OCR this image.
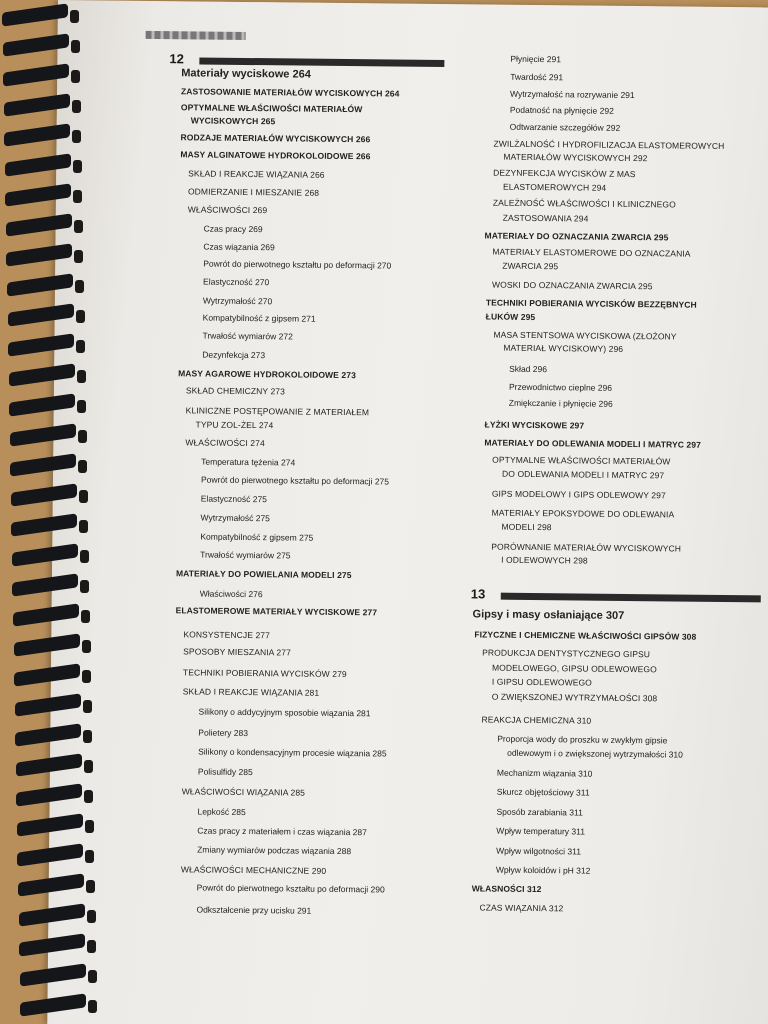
12
Materiały wyciskowe 264
ZASTOSOWANIE MATERIAŁÓW WYCISKOWYCH 264
OPTYMALNE WŁAŚCIWOŚCI MATERIAŁÓW
WYCISKOWYCH 265
RODZAJE MATERIAŁÓW WYCISKOWYCH 266
MASY ALGINATOWE HYDROKOLOIDOWE 266
SKŁAD I REAKCJE WIĄZANIA 266
ODMIERZANIE I MIESZANIE 268
WŁAŚCIWOŚCI 269
Czas pracy 269
Czas wiązania 269
Powrót do pierwotnego kształtu po deformacji 270
Elastyczność 270
Wytrzymałość 270
Kompatybilność z gipsem 271
Trwałość wymiarów 272
Dezynfekcja 273
MASY AGAROWE HYDROKOLOIDOWE 273
SKŁAD CHEMICZNY 273
KLINICZNE POSTĘPOWANIE Z MATERIAŁEM
TYPU ZOL-ŻEL 274
WŁAŚCIWOŚCI 274
Temperatura tężenia 274
Powrót do pierwotnego kształtu po deformacji 275
Elastyczność 275
Wytrzymałość 275
Kompatybilność z gipsem 275
Trwałość wymiarów 275
MATERIAŁY DO POWIELANIA MODELI 275
Właściwości 276
ELASTOMEROWE MATERIAŁY WYCISKOWE 277
KONSYSTENCJE 277
SPOSOBY MIESZANIA 277
TECHNIKI POBIERANIA WYCISKÓW 279
SKŁAD I REAKCJE WIĄZANIA 281
Silikony o addycyjnym sposobie wiązania 281
Polietery 283
Silikony o kondensacyjnym procesie wiązania 285
Polisulfidy 285
WŁAŚCIWOŚCI WIĄZANIA 285
Lepkość 285
Czas pracy z materiałem i czas wiązania 287
Zmiany wymiarów podczas wiązania 288
WŁAŚCIWOŚCI MECHANICZNE 290
Powrót do pierwotnego kształtu po deformacji 290
Odkształcenie przy ucisku 291
13
Płynięcie 291
Twardość 291
Wytrzymałość na rozrywanie 291
Podatność na płynięcie 292
Odtwarzanie szczegółów 292
ZWILŻALNOŚĆ I HYDROFILIZACJA ELASTOMEROWYCH
MATERIAŁÓW WYCISKOWYCH 292
DEZYNFEKCJA WYCISKÓW Z MAS
ELASTOMEROWYCH 294
ZALEŻNOŚĆ WŁAŚCIWOŚCI I KLINICZNEGO
ZASTOSOWANIA 294
MATERIAŁY DO OZNACZANIA ZWARCIA 295
MATERIAŁY ELASTOMEROWE DO OZNACZANIA
ZWARCIA 295
WOSKI DO OZNACZANIA ZWARCIA 295
TECHNIKI POBIERANIA WYCISKÓW BEZZĘBNYCH
ŁUKÓW 295
MASA STENTSOWA WYCISKOWA (ZŁOŻONY
MATERIAŁ WYCISKOWY) 296
Skład 296
Przewodnictwo cieplne 296
Zmiękczanie i płynięcie 296
ŁYŻKI WYCISKOWE 297
MATERIAŁY DO ODLEWANIA MODELI I MATRYC 297
OPTYMALNE WŁAŚCIWOŚCI MATERIAŁÓW
DO ODLEWANIA MODELI I MATRYC 297
GIPS MODELOWY I GIPS ODLEWOWY 297
MATERIAŁY EPOKSYDOWE DO ODLEWANIA
MODELI 298
PORÓWNANIE MATERIAŁÓW WYCISKOWYCH
I ODLEWOWYCH 298
Gipsy i masy osłaniające 307
FIZYCZNE I CHEMICZNE WŁAŚCIWOŚCI GIPSÓW 308
PRODUKCJA DENTYSTYCZNEGO GIPSU
MODELOWEGO, GIPSU ODLEWOWEGO
I GIPSU ODLEWOWEGO
O ZWIĘKSZONEJ WYTRZYMAŁOŚCI 308
REAKCJA CHEMICZNA 310
Proporcja wody do proszku w zwykłym gipsie
odlewowym i o zwiększonej wytrzymałości 310
Mechanizm wiązania 310
Skurcz objętościowy 311
Sposób zarabiania 311
Wpływ temperatury 311
Wpływ wilgotności 311
Wpływ koloidów i pH 312
WŁASNOŚCI 312
CZAS WIĄZANIA 312
